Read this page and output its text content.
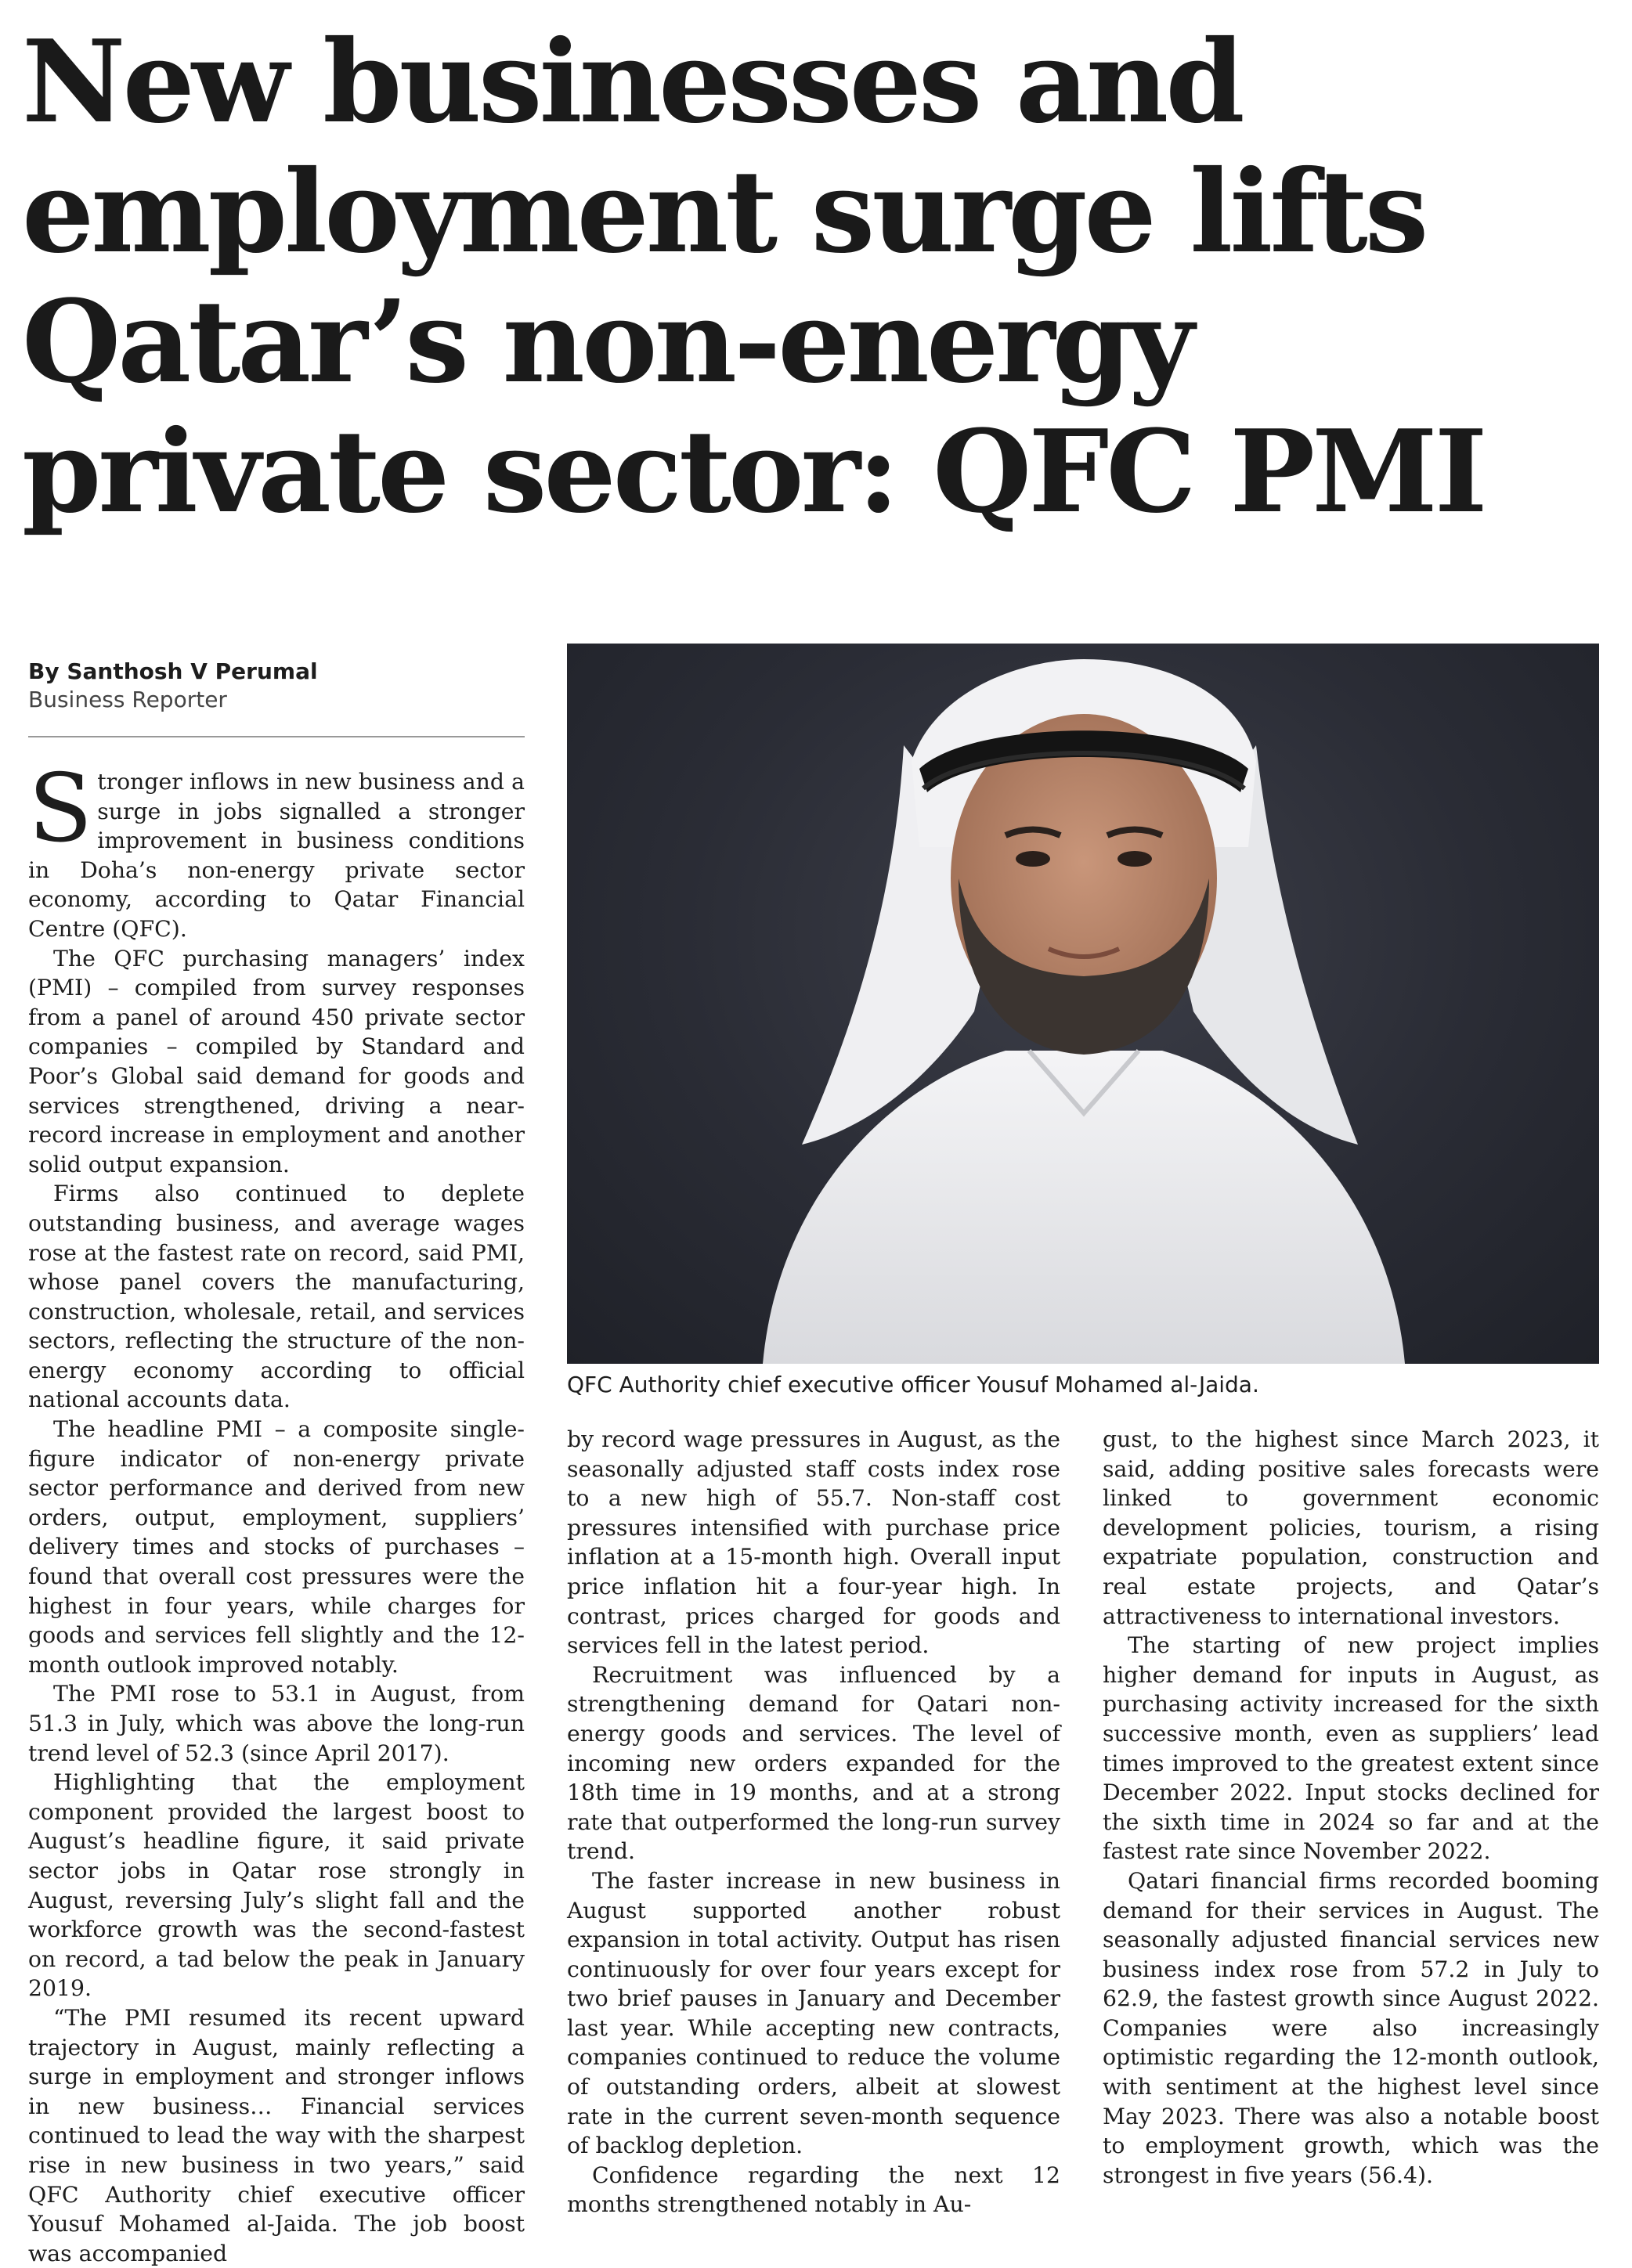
New businesses and employment surge lifts Qatar’s non-energy private sector: QFC PMI
By Santhosh V Perumal
Business Reporter

Stronger inflows in new business and a surge in jobs signalled a stronger improvement in business conditions in Doha’s non-energy private sector economy, according to Qatar Financial Centre (QFC).

The QFC purchasing managers’ index (PMI) – compiled from survey responses from a panel of around 450 private sector companies – compiled by Standard and Poor’s Global said demand for goods and services strengthened, driving a near-record increase in employment and another solid output expansion.

Firms also continued to deplete outstanding business, and average wages rose at the fastest rate on record, said PMI, whose panel covers the manufacturing, construction, wholesale, retail, and services sectors, reflecting the structure of the non-energy economy according to official national accounts data.

The headline PMI – a composite single-figure indicator of non-energy private sector performance and derived from new orders, output, employment, suppliers’ delivery times and stocks of purchases – found that overall cost pressures were the highest in four years, while charges for goods and services fell slightly and the 12-month outlook improved notably.

The PMI rose to 53.1 in August, from 51.3 in July, which was above the long-run trend level of 52.3 (since April 2017).

Highlighting that the employment component provided the largest boost to August’s headline figure, it said private sector jobs in Qatar rose strongly in August, reversing July’s slight fall and the workforce growth was the second-fastest on record, a tad below the peak in January 2019.

“The PMI resumed its recent upward trajectory in August, mainly reflecting a surge in employment and stronger inflows in new business… Financial services continued to lead the way with the sharpest rise in new business in two years,” said QFC Authority chief executive officer Yousuf Mohamed al-Jaida. The job boost was accompanied

QFC Authority chief executive officer Yousuf Mohamed al-Jaida.

by record wage pressures in August, as the seasonally adjusted staff costs index rose to a new high of 55.7. Non-staff cost pressures intensified with purchase price inflation at a 15-month high. Overall input price inflation hit a four-year high. In contrast, prices charged for goods and services fell in the latest period.

Recruitment was influenced by a strengthening demand for Qatari non-energy goods and services. The level of incoming new orders expanded for the 18th time in 19 months, and at a strong rate that outperformed the long-run survey trend.

The faster increase in new business in August supported another robust expansion in total activity. Output has risen continuously for over four years except for two brief pauses in January and December last year. While accepting new contracts, companies continued to reduce the volume of outstanding orders, albeit at slowest rate in the current seven-month sequence of backlog depletion.

Confidence regarding the next 12 months strengthened notably in Au-

gust, to the highest since March 2023, it said, adding positive sales forecasts were linked to government economic development policies, tourism, a rising expatriate population, construction and real estate projects, and Qatar’s attractiveness to international investors.

The starting of new project implies higher demand for inputs in August, as purchasing activity increased for the sixth successive month, even as suppliers’ lead times improved to the greatest extent since December 2022. Input stocks declined for the sixth time in 2024 so far and at the fastest rate since November 2022.

Qatari financial firms recorded booming demand for their services in August. The seasonally adjusted financial services new business index rose from 57.2 in July to 62.9, the fastest growth since August 2022. Companies were also increasingly optimistic regarding the 12-month outlook, with sentiment at the highest level since May 2023. There was also a notable boost to employment growth, which was the strongest in five years (56.4).
